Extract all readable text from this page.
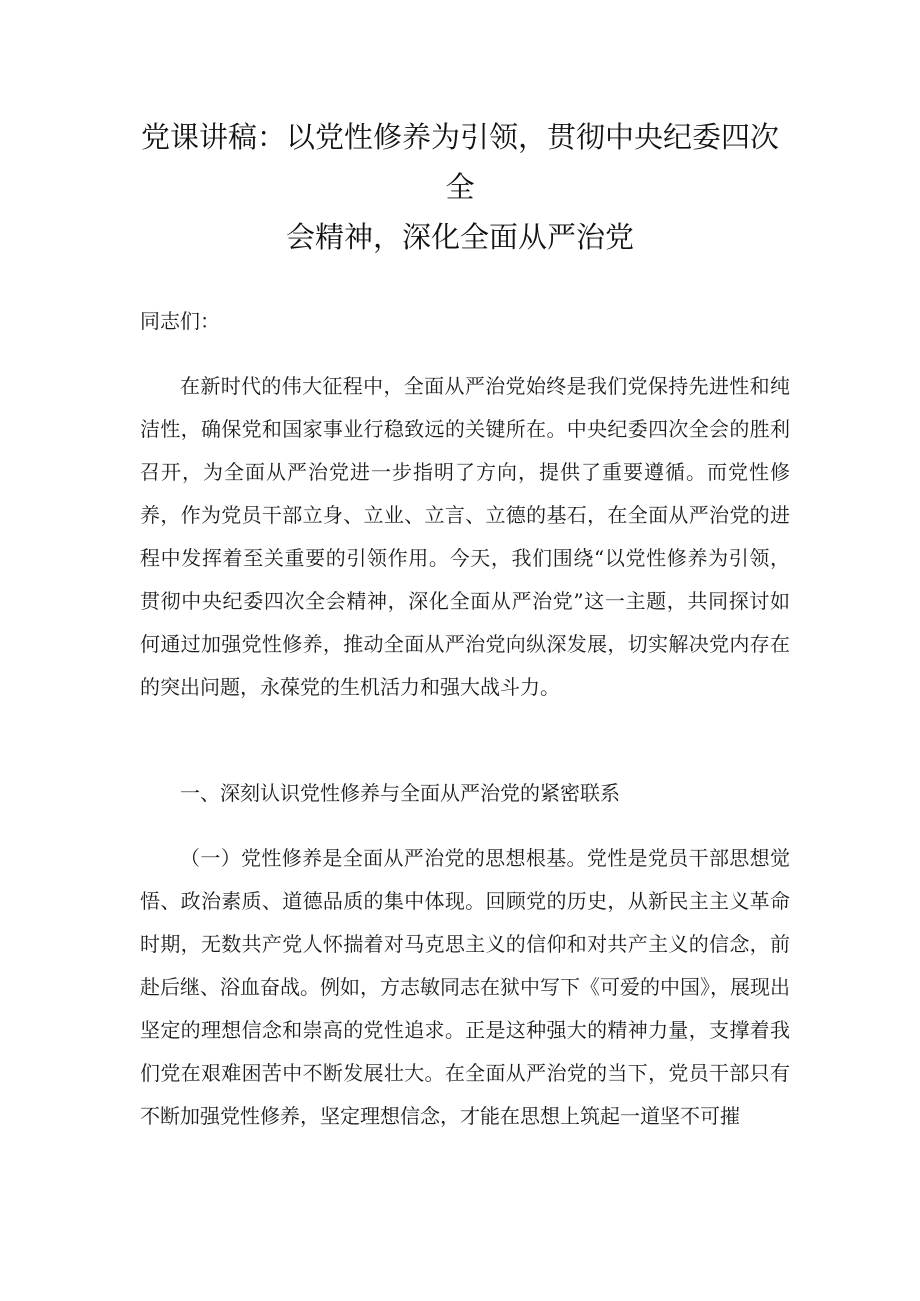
党课讲稿：以党性修养为引领，贯彻中央纪委四次全
会精神，深化全面从严治党
同志们：

在新时代的伟大征程中，全面从严治党始终是我们党保持先进性和纯洁性，确保党和国家事业行稳致远的关键所在。中央纪委四次全会的胜利召开，为全面从严治党进一步指明了方向，提供了重要遵循。而党性修养，作为党员干部立身、立业、立言、立德的基石，在全面从严治党的进程中发挥着至关重要的引领作用。今天，我们围绕“以党性修养为引领，贯彻中央纪委四次全会精神，深化全面从严治党”这一主题，共同探讨如何通过加强党性修养，推动全面从严治党向纵深发展，切实解决党内存在的突出问题，永葆党的生机活力和强大战斗力。

一、深刻认识党性修养与全面从严治党的紧密联系

（一）党性修养是全面从严治党的思想根基。党性是党员干部思想觉悟、政治素质、道德品质的集中体现。回顾党的历史，从新民主主义革命时期，无数共产党人怀揣着对马克思主义的信仰和对共产主义的信念，前赴后继、浴血奋战。例如，方志敏同志在狱中写下《可爱的中国》，展现出坚定的理想信念和崇高的党性追求。正是这种强大的精神力量，支撑着我们党在艰难困苦中不断发展壮大。在全面从严治党的当下，党员干部只有不断加强党性修养，坚定理想信念，才能在思想上筑起一道坚不可摧
